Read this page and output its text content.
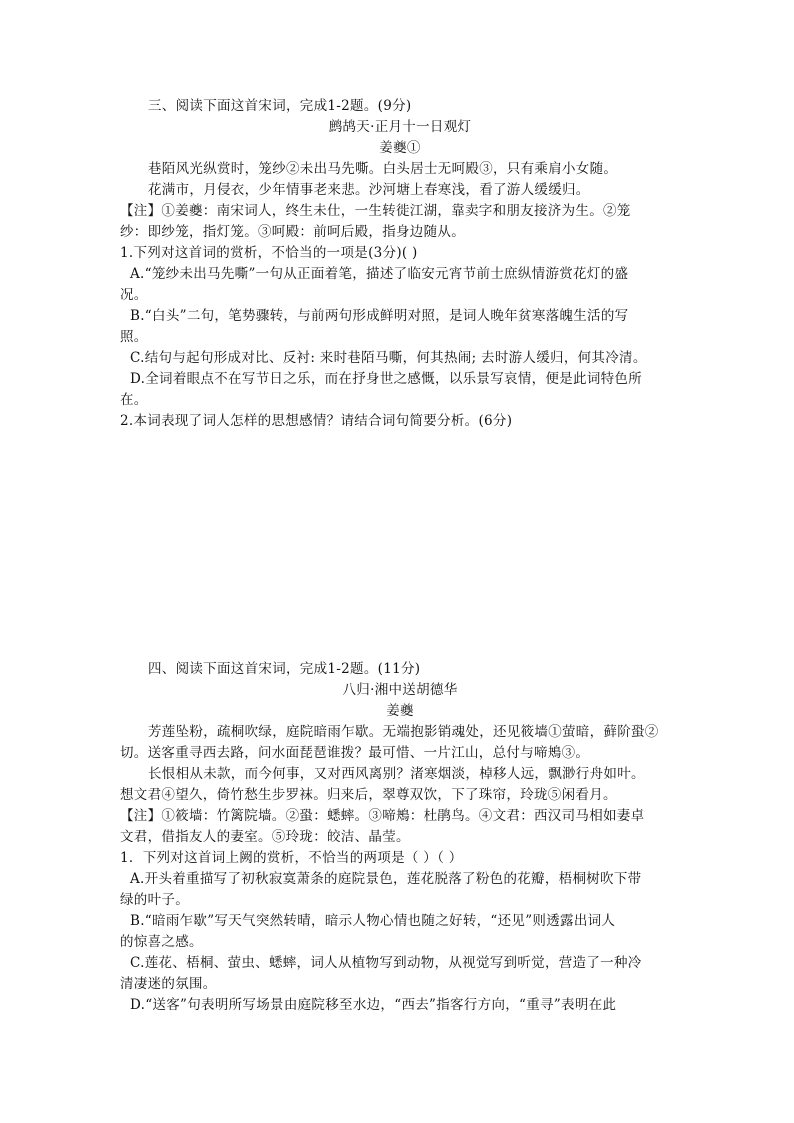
三、阅读下面这首宋词，完成1-2题。(9分)
鹧鸪天·正月十一日观灯
姜夔①
巷陌风光纵赏时，笼纱②未出马先嘶。白头居士无呵殿③，只有乘肩小女随。
花满市，月侵衣，少年情事老来悲。沙河塘上春寒浅，看了游人缓缓归。
【注】①姜夔：南宋词人，终生未仕，一生转徙江湖，靠卖字和朋友接济为生。②笼
纱：即纱笼，指灯笼。③呵殿：前呵后殿，指身边随从。
1.下列对这首词的赏析，不恰当的一项是(3分)( )
A.“笼纱未出马先嘶”一句从正面着笔，描述了临安元宵节前士庶纵情游赏花灯的盛
况。
B.“白头”二句，笔势骤转，与前两句形成鲜明对照，是词人晚年贫寒落魄生活的写
照。
C.结句与起句形成对比、反衬: 来时巷陌马嘶，何其热闹; 去时游人缓归，何其冷清。
D.全词着眼点不在写节日之乐，而在抒身世之感慨，以乐景写哀情，便是此词特色所
在。
2.本词表现了词人怎样的思想感情？请结合词句简要分析。(6分)
四、阅读下面这首宋词，完成1-2题。(11分)
八归·湘中送胡德华
姜夔
芳莲坠粉，疏桐吹绿，庭院暗雨乍歇。无端抱影销魂处，还见筱墙①萤暗，藓阶蛩②
切。送客重寻西去路，问水面琵琶谁拨？最可惜、一片江山，总付与啼鴂③。
长恨相从未款，而今何事，又对西风离别？渚寒烟淡，棹移人远，飘渺行舟如叶。
想文君④望久，倚竹愁生步罗袜。归来后，翠尊双饮，下了珠帘，玲珑⑤闲看月。
【注】①筱墙：竹篱院墙。②蛩：蟋蟀。③啼鴂：杜鹃鸟。④文君：西汉司马相如妻卓
文君，借指友人的妻室。⑤玲珑：皎洁、晶莹。
1．下列对这首词上阙的赏析，不恰当的两项是（ ）（ ）
A.开头着重描写了初秋寂寞萧条的庭院景色，莲花脱落了粉色的花瓣，梧桐树吹下带
绿的叶子。
B.“暗雨乍歇”写天气突然转晴，暗示人物心情也随之好转，“还见”则透露出词人
的惊喜之感。
C.莲花、梧桐、萤虫、蟋蟀，词人从植物写到动物，从视觉写到听觉，营造了一种冷
清凄迷的氛围。
D.“送客”句表明所写场景由庭院移至水边，“西去”指客行方向，“重寻”表明在此
